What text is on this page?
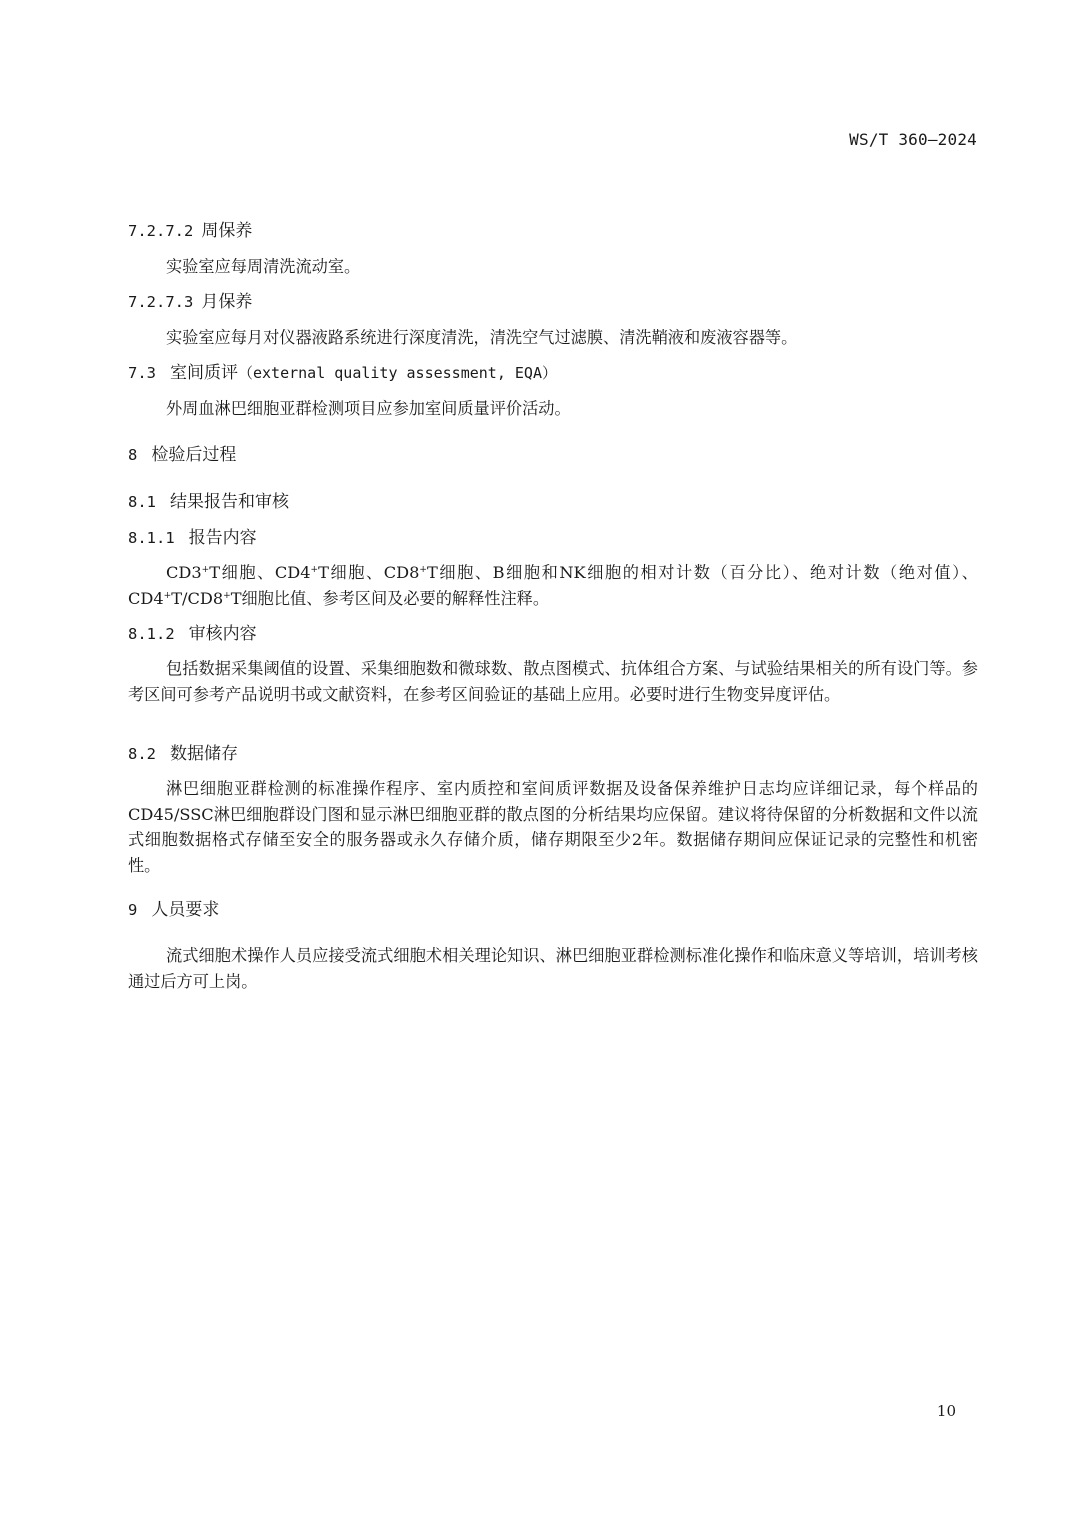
WS/T 360—2024
7.2.7.2 周保养

实验室应每周清洗流动室。

7.2.7.3 月保养

实验室应每月对仪器液路系统进行深度清洗，清洗空气过滤膜、清洗鞘液和废液容器等。

7.3 室间质评（external quality assessment, EQA）

外周血淋巴细胞亚群检测项目应参加室间质量评价活动。

8 检验后过程
8.1 结果报告和审核
8.1.1 报告内容

CD3+T细胞、CD4+T细胞、CD8+T细胞、B细胞和NK细胞的相对计数（百分比）、绝对计数（绝对值）、CD4+T/CD8+T细胞比值、参考区间及必要的解释性注释。

8.1.2 审核内容

包括数据采集阈值的设置、采集细胞数和微球数、散点图模式、抗体组合方案、与试验结果相关的所有设门等。参考区间可参考产品说明书或文献资料，在参考区间验证的基础上应用。必要时进行生物变异度评估。

8.2 数据储存

淋巴细胞亚群检测的标准操作程序、室内质控和室间质评数据及设备保养维护日志均应详细记录，每个样品的CD45/SSC淋巴细胞群设门图和显示淋巴细胞亚群的散点图的分析结果均应保留。建议将待保留的分析数据和文件以流式细胞数据格式存储至安全的服务器或永久存储介质，储存期限至少2年。数据储存期间应保证记录的完整性和机密性。

9 人员要求

流式细胞术操作人员应接受流式细胞术相关理论知识、淋巴细胞亚群检测标准化操作和临床意义等培训，培训考核通过后方可上岗。

10
